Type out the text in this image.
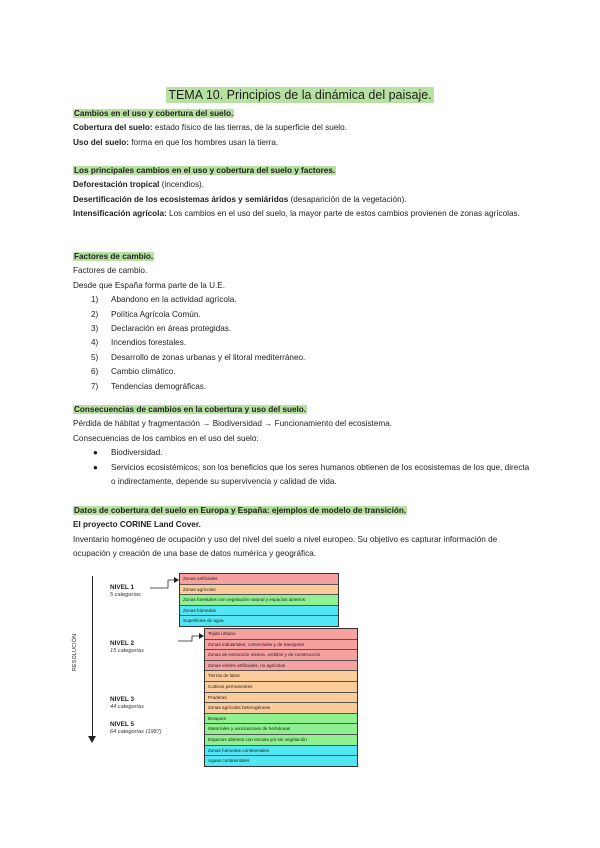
TEMA 10. Principios de la dinámica del paisaje.
Cambios en el uso y cobertura del suelo.
Cobertura del suelo: estado físico de las tierras, de la superficie del suelo.
Uso del suelo: forma en que los hombres usan la tierra.
Los principales cambios en el uso y cobertura del suelo y factores.
Deforestación tropical (incendios).
Desertificación de los ecosistemas áridos y semiáridos (desaparición de la vegetación).
Intensificación agrícola: Los cambios en el uso del suelo, la mayor parte de estos cambios provienen de zonas agrícolas.
Factores de cambio.
Factores de cambio.
Desde que España forma parte de la U.E.
1) Abandono en la actividad agrícola.
2) Política Agrícola Común.
3) Declaración en áreas protegidas.
4) Incendios forestales.
5) Desarrollo de zonas urbanas y el litoral mediterráneo.
6) Cambio climático.
7) Tendencias demográficas.
Consecuencias de cambios en la cobertura y uso del suelo.
Pérdida de hábitat y fragmentación → Biodiversidad → Funcionamiento del ecosistema.
Consecuencias de los cambios en el uso del suelo:
● Biodiversidad.
● Servicios ecosistémicos; son los beneficios que los seres humanos obtienen de los ecosistemas de los que, directa o indirectamente, depende su supervivencia y calidad de vida.
Datos de cobertura del suelo en Europa y España: ejemplos de modelo de transición.
El proyecto CORINE Land Cover.
Inventario homogéneo de ocupación y uso del nivel del suelo a nivel europeo. Su objetivo es capturar información de ocupación y creación de una base de datos numérica y geográfica.
RESOLUCIÓN
NIVEL 1
5 categorías
NIVEL 2
15 categorías
NIVEL 3
44 categorías
NIVEL 5
64 categorías (1987)
Zonas artificiales
Zonas agrícolas
Zonas forestales con vegetación natural y espacios abiertos
Zonas húmedas
Superficies de agua
Tejido urbano
Zonas industriales, comerciales y de transporte
Zonas de extracción minera, vertidos y de construcción
Zonas verdes artificiales, no agrícolas
Tierras de labor
Cultivos permanentes
Praderas
Zonas agrícolas heterogéneas
Bosques
Matorrales y asociaciones de herbáceas
Espacios abiertos con escasa y/o sin vegetación
Zonas húmedas continentales
Aguas continentales
